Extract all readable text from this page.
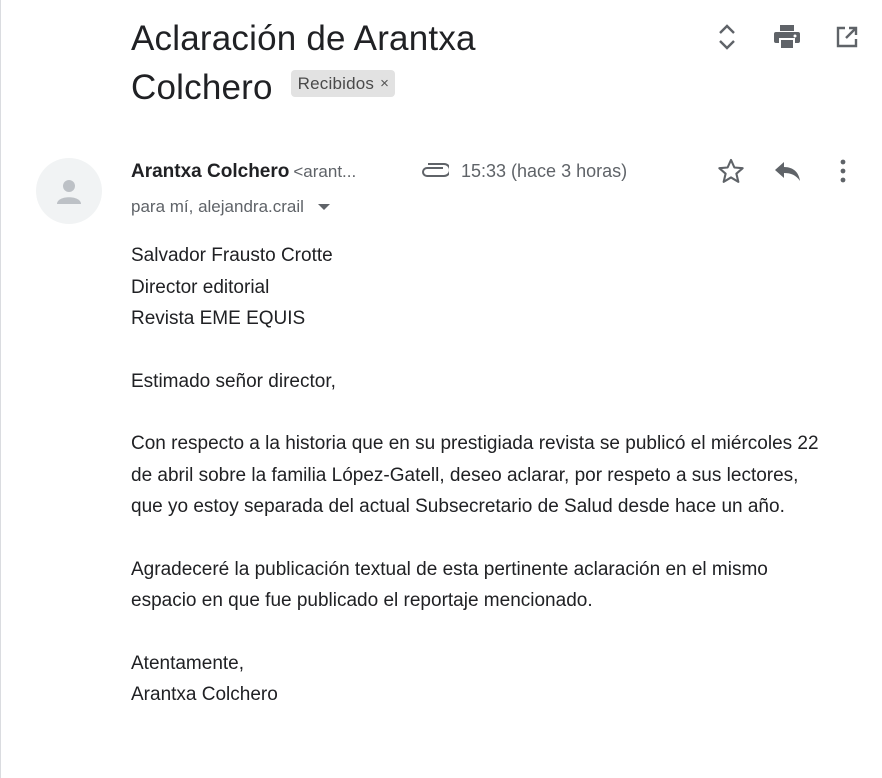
Aclaración de Arantxa
Colchero Recibidos ×
Arantxa Colchero <arant...	15:33 (hace 3 horas)
para mí, alejandra.crail

Salvador Frausto Crotte
Director editorial
Revista EME EQUIS

Estimado señor director,

Con respecto a la historia que en su prestigiada revista se publicó el miércoles 22 de abril sobre la familia López-Gatell, deseo aclarar, por respeto a sus lectores, que yo estoy separada del actual Subsecretario de Salud desde hace un año.

Agradeceré la publicación textual de esta pertinente aclaración en el mismo espacio en que fue publicado el reportaje mencionado.

Atentamente,
Arantxa Colchero
